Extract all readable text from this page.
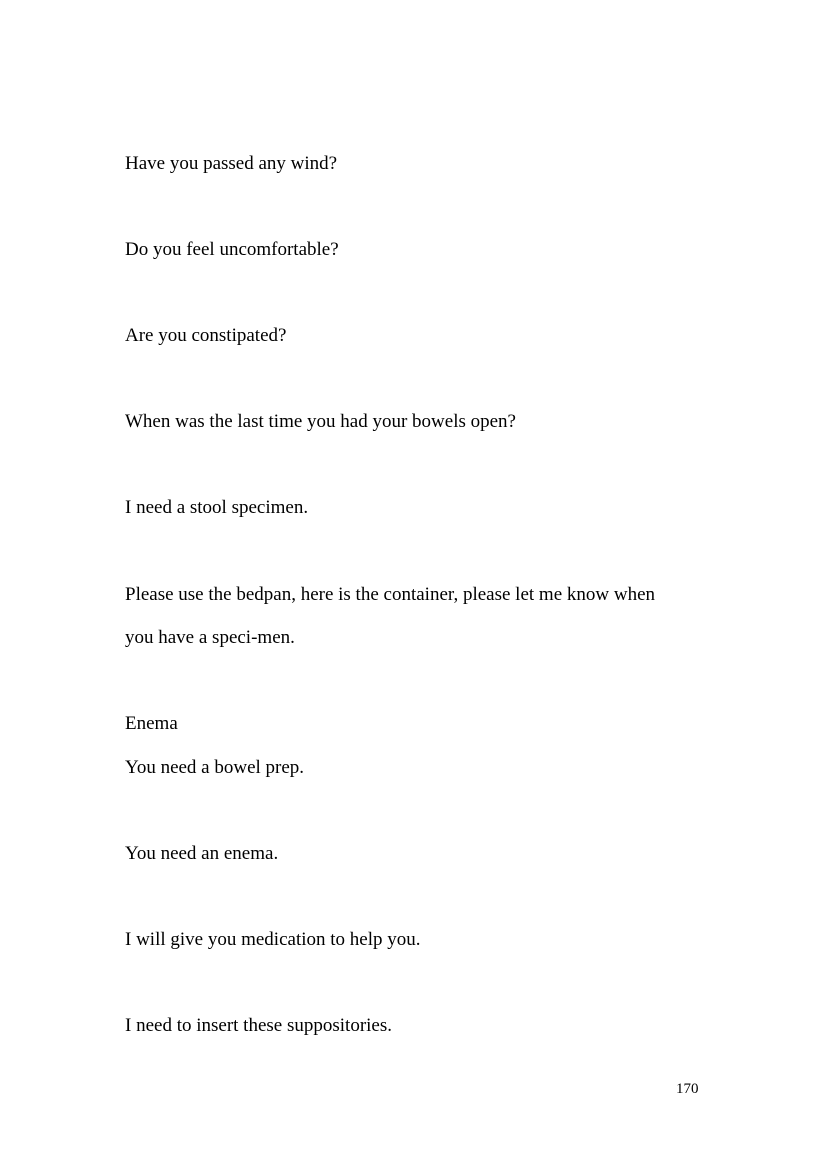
Have you passed any wind?
Do you feel uncomfortable?
Are you constipated?
When was the last time you had your bowels open?
I need a stool specimen.
Please use the bedpan, here is the container, please let me know when
you have a speci-men.
Enema
You need a bowel prep.
You need an enema.
I will give you medication to help you.
I need to insert these suppositories.
170
